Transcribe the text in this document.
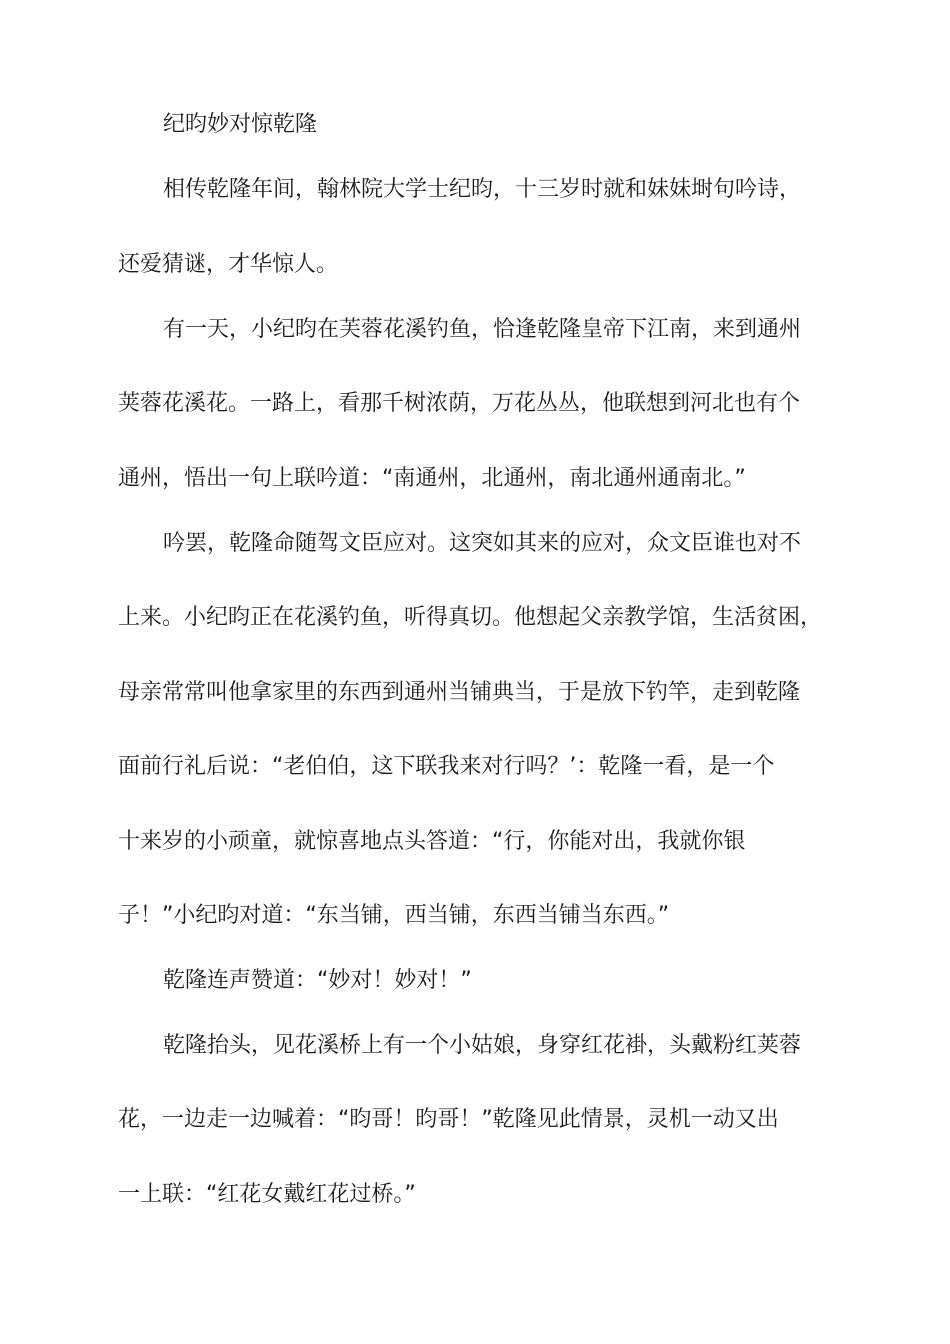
纪昀妙对惊乾隆
相传乾隆年间，翰林院大学士纪昀，十三岁时就和妹妹埘句吟诗，
还爱猜谜，才华惊人。
有一天，小纪昀在芙蓉花溪钓鱼，恰逢乾隆皇帝下江南，来到通州
荚蓉花溪花。一路上，看那千树浓荫，万花丛丛，他联想到河北也有个
通州，悟出一句上联吟道：“南通州，北通州，南北通州通南北。”
吟罢，乾隆命随驾文臣应对。这突如其来的应对，众文臣谁也对不
上来。小纪昀正在花溪钓鱼，听得真切。他想起父亲教学馆，生活贫困，
母亲常常叫他拿家里的东西到通州当铺典当，于是放下钓竿，走到乾隆
面前行礼后说：“老伯伯，这下联我来对行吗？’：乾隆一看，是一个
十来岁的小顽童，就惊喜地点头答道：“行，你能对出，我就你银
子！”小纪昀对道：“东当铺，西当铺，东西当铺当东西。”
乾隆连声赞道：“妙对！妙对！”
乾隆抬头，见花溪桥上有一个小姑娘，身穿红花褂，头戴粉红荚蓉
花，一边走一边喊着：“昀哥！昀哥！”乾隆见此情景，灵机一动又出
一上联：“红花女戴红花过桥。”
